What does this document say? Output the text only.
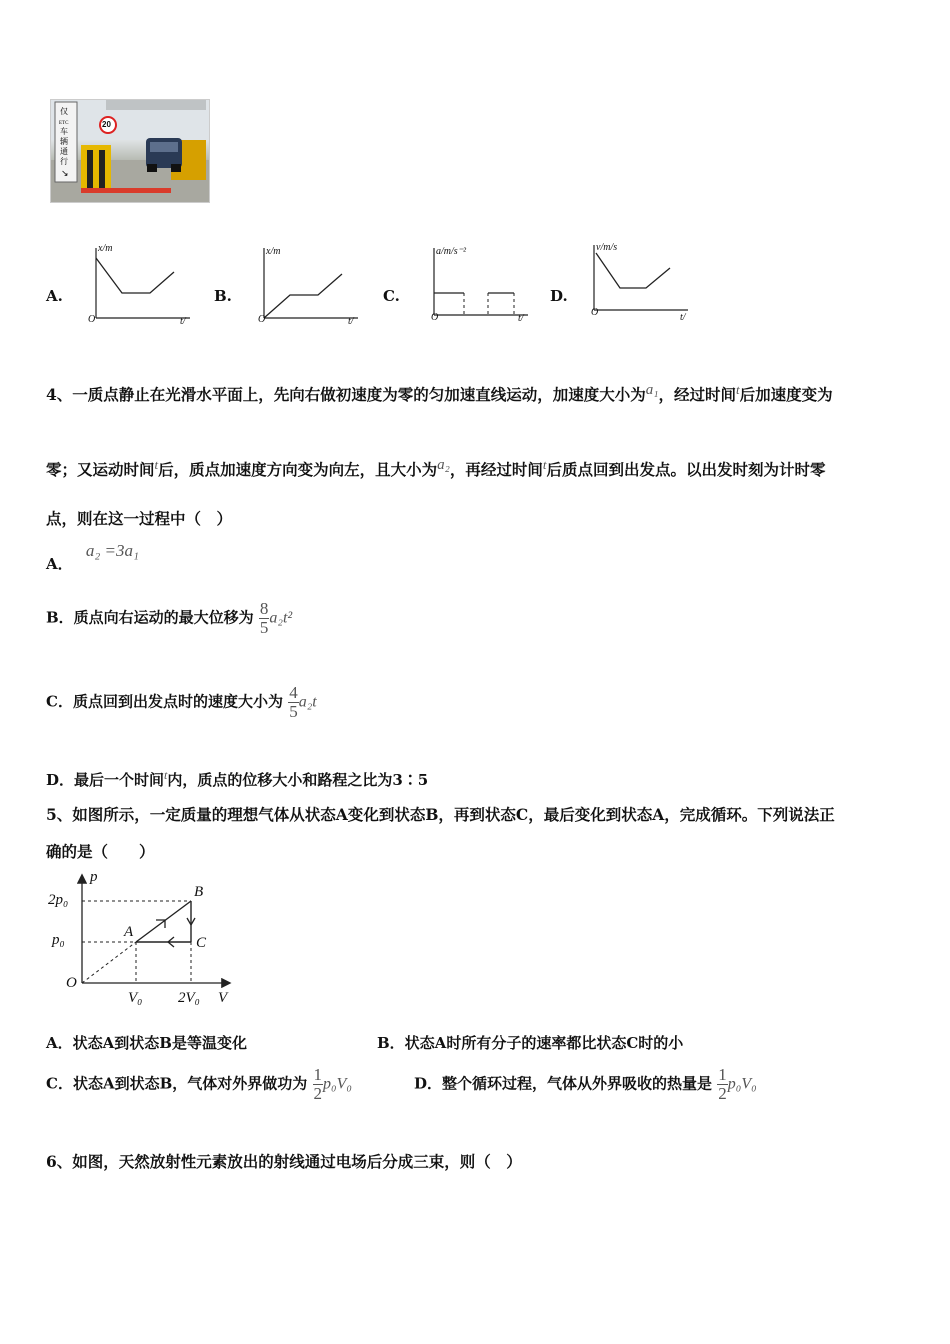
仅
ETC
车
辆
通
行
↘
20
A.
x/m
t/
O
B.
x/m
t/
O
C.
a/m/s⁻²
t/
O
D.
v/m/s
t/
O
4、一质点静止在光滑水平面上，先向右做初速度为零的匀加速直线运动，加速度大小为$^{a_1}$，经过时间$^t$后加速度变为
零；又运动时间$^t$后，质点加速度方向变为向左，且大小为$^{a_2}$，再经过时间$^t$后质点回到出发点。以出发时刻为计时零
点，则在这一过程中（　）
A． a₂ =3a₁
B．质点向右运动的最大位移为 $\frac{8}{5} a_2t^2$
C．质点回到出发点时的速度大小为 $\frac{4}{5} a_2t$
D．最后一个时间$^t$内，质点的位移大小和路程之比为3∶5
5、如图所示，一定质量的理想气体从状态A变化到状态B，再到状态C，最后变化到状态A，完成循环。下列说法正
确的是（　　）
p
V
O
2p₀
p₀
V₀ 2V₀
A
B
C
A．状态A到状态B是等温变化	B．状态A时所有分子的速率都比状态C时的小
C．状态A到状态B，气体对外界做功为 $\frac{1}{2} p_0V_0$	D．整个循环过程，气体从外界吸收的热量是 $\frac{1}{2} p_0V_0$
6、如图，天然放射性元素放出的射线通过电场后分成三束，则（　）
